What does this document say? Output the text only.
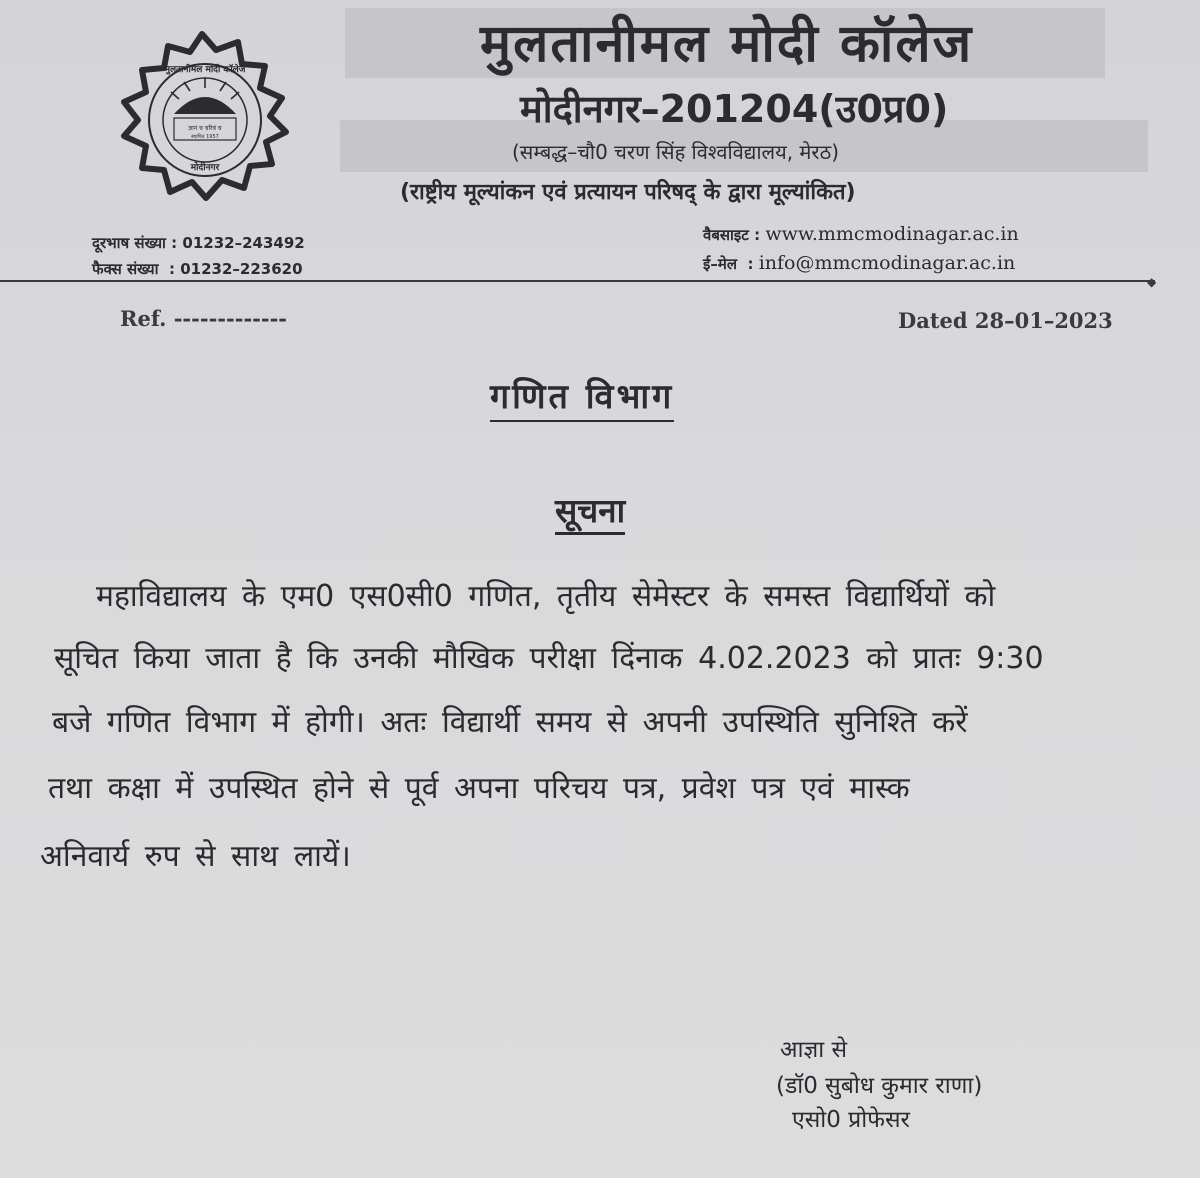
ज्ञानं च चरित्रं च
स्थापित 1957
मुलतानीमल मोदी कॉलेज
मोदीनगर
मुलतानीमल मोदी कॉलेज
मोदीनगर–201204(उ0प्र0)
(सम्बद्ध–चौ0 चरण सिंह विश्वविद्यालय, मेरठ)
(राष्ट्रीय मूल्यांकन एवं प्रत्यायन परिषद् के द्वारा मूल्यांकित)
दूरभाष संख्या : 01232–243492
फैक्स संख्या  : 01232–223620
वैबसाइट : www.mmcmodinagar.ac.in
ई–मेल  : info@mmcmodinagar.ac.in
◆
Ref. -------------	Dated 28–01–2023
गणित विभाग
सूचना
महाविद्यालय के एम0 एस0सी0 गणित, तृतीय सेमेस्टर के समस्त विद्यार्थियों को
सूचित किया जाता है कि उनकी मौखिक परीक्षा दिंनाक 4.02.2023 को प्रातः 9:30
बजे गणित विभाग में होगी। अतः विद्यार्थी समय से अपनी उपस्थिति सुनिश्ति करें
तथा कक्षा में उपस्थित होने से पूर्व अपना परिचय पत्र, प्रवेश पत्र एवं मास्क
अनिवार्य रुप से साथ लायें।
आज्ञा से
(डॉ0 सुबोध कुमार राणा)
एसो0 प्रोफेसर
